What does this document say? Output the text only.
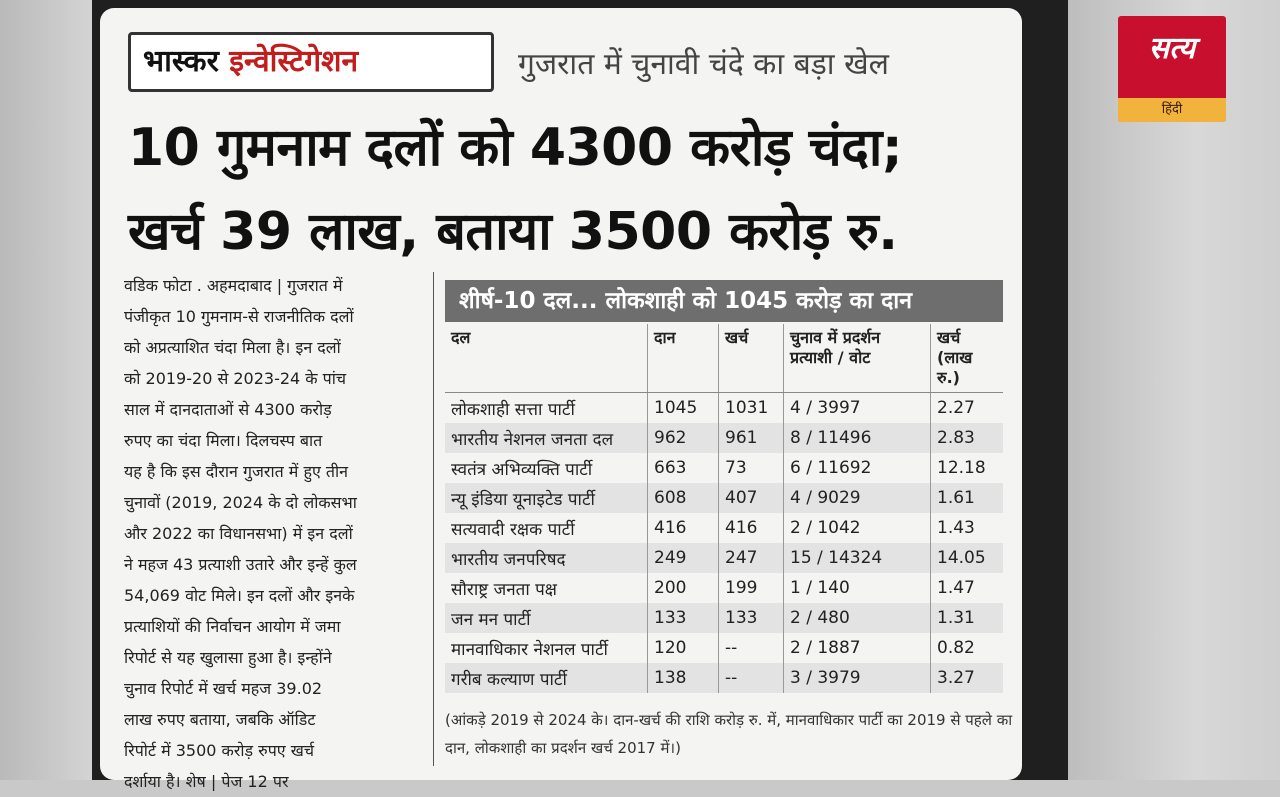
सत्य
हिंदी
भास्कर इन्वेस्टिगेशन	गुजरात में चुनावी चंदे का बड़ा खेल
10 गुमनाम दलों को 4300 करोड़ चंदा;
खर्च 39 लाख, बताया 3500 करोड़ रु.
वडिक फोटा . अहमदाबाद | गुजरात में
पंजीकृत 10 गुमनाम-से राजनीतिक दलों
को अप्रत्याशित चंदा मिला है। इन दलों
को 2019-20 से 2023-24 के पांच
साल में दानदाताओं से 4300 करोड़
रुपए का चंदा मिला। दिलचस्प बात
यह है कि इस दौरान गुजरात में हुए तीन
चुनावों (2019, 2024 के दो लोकसभा
और 2022 का विधानसभा) में इन दलों
ने महज 43 प्रत्याशी उतारे और इन्हें कुल
54,069 वोट मिले। इन दलों और इनके
प्रत्याशियों की निर्वाचन आयोग में जमा
रिपोर्ट से यह खुलासा हुआ है। इन्होंने
चुनाव रिपोर्ट में खर्च महज 39.02
लाख रुपए बताया, जबकि ऑडिट
रिपोर्ट में 3500 करोड़ रुपए खर्च
दर्शाया है। शेष | पेज 12 पर
शीर्ष-10 दल... लोकशाही को 1045 करोड़ का दान
दल	दान	खर्च	चुनाव में प्रदर्शन प्रत्याशी / वोट	खर्च (लाख रु.)
लोकशाही सत्ता पार्टी	1045	1031	4 / 3997	2.27
भारतीय नेशनल जनता दल	962	961	8 / 11496	2.83
स्वतंत्र अभिव्यक्ति पार्टी	663	73	6 / 11692	12.18
न्यू इंडिया यूनाइटेड पार्टी	608	407	4 / 9029	1.61
सत्यवादी रक्षक पार्टी	416	416	2 / 1042	1.43
भारतीय जनपरिषद	249	247	15 / 14324	14.05
सौराष्ट्र जनता पक्ष	200	199	1 / 140	1.47
जन मन पार्टी	133	133	2 / 480	1.31
मानवाधिकार नेशनल पार्टी	120	--	2 / 1887	0.82
गरीब कल्याण पार्टी	138	--	3 / 3979	3.27
(आंकड़े 2019 से 2024 के। दान-खर्च की राशि करोड़ रु. में, मानवाधिकार पार्टी का 2019 से पहले का दान, लोकशाही का प्रदर्शन खर्च 2017 में।)
